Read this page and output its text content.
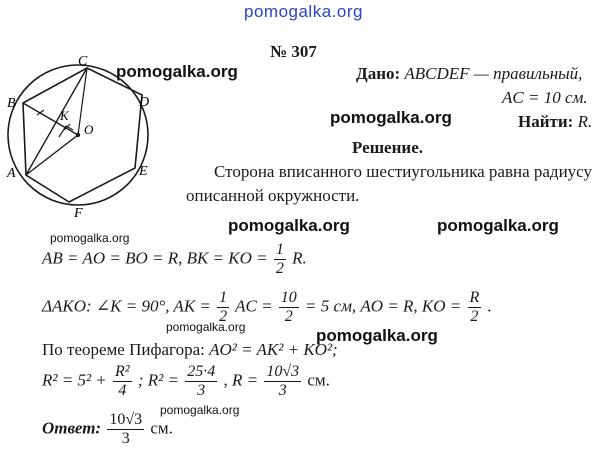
pomogalka.org
pomogalka.org
pomogalka.org
pomogalka.org	pomogalka.org
pomogalka.org
pomogalka.org	pomogalka.org
pomogalka.org
№ 307
Дано: ABCDEF — правильный,
AC = 10 см.
Найти: R.
Решение.
Сторона вписанного шестиугольника равна радиусу
описанной окружности.
A
B
C
D
E
F
K
O
AB = AO = BO = R, BK = KO = $\frac{1}{2} R$.
ΔAKO: ∠K = 90°, AK = $\frac{1}{2}$ AC = $\frac{10}{2} = 5$ см, AO = R, KO = $\frac{R}{2}$ .
По теореме Пифагора: AO² = AK² + KO²;
$R^2 = 5^2 + \frac{\text{R²}}{4}$ ; $R^2 = \frac{25\cdot 4}{3}$ , $R = \frac{10√3}{3}$ см.
Ответ: $\frac{10√3}{3}$ см.
